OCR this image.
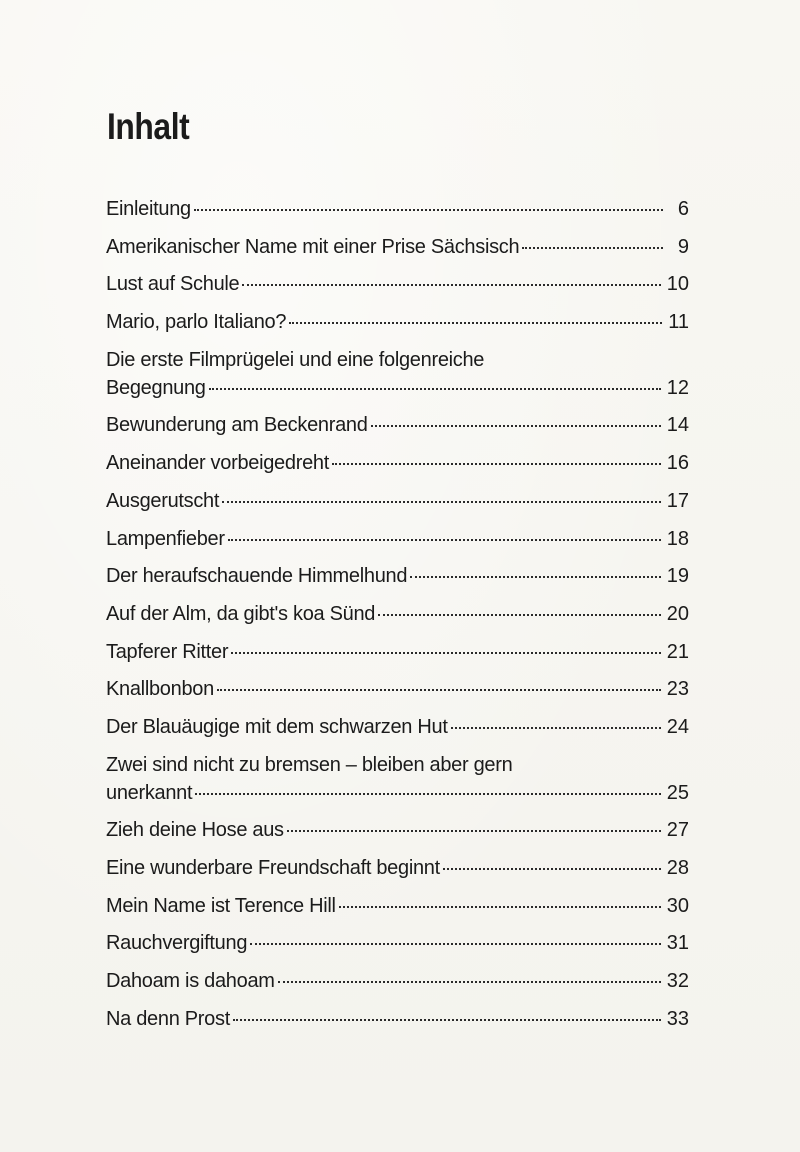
Inhalt
Einleitung	6
Amerikanischer Name mit einer Prise Sächsisch	9
Lust auf Schule	10
Mario, parlo Italiano?	11
Die erste Filmprügelei und eine folgenreiche
Begegnung	12
Bewunderung am Beckenrand	14
Aneinander vorbeigedreht	16
Ausgerutscht	17
Lampenfieber	18
Der heraufschauende Himmelhund	19
Auf der Alm, da gibt's koa Sünd	20
Tapferer Ritter	21
Knallbonbon	23
Der Blauäugige mit dem schwarzen Hut	24
Zwei sind nicht zu bremsen – bleiben aber gern
unerkannt	25
Zieh deine Hose aus	27
Eine wunderbare Freundschaft beginnt	28
Mein Name ist Terence Hill	30
Rauchvergiftung	31
Dahoam is dahoam	32
Na denn Prost	33
